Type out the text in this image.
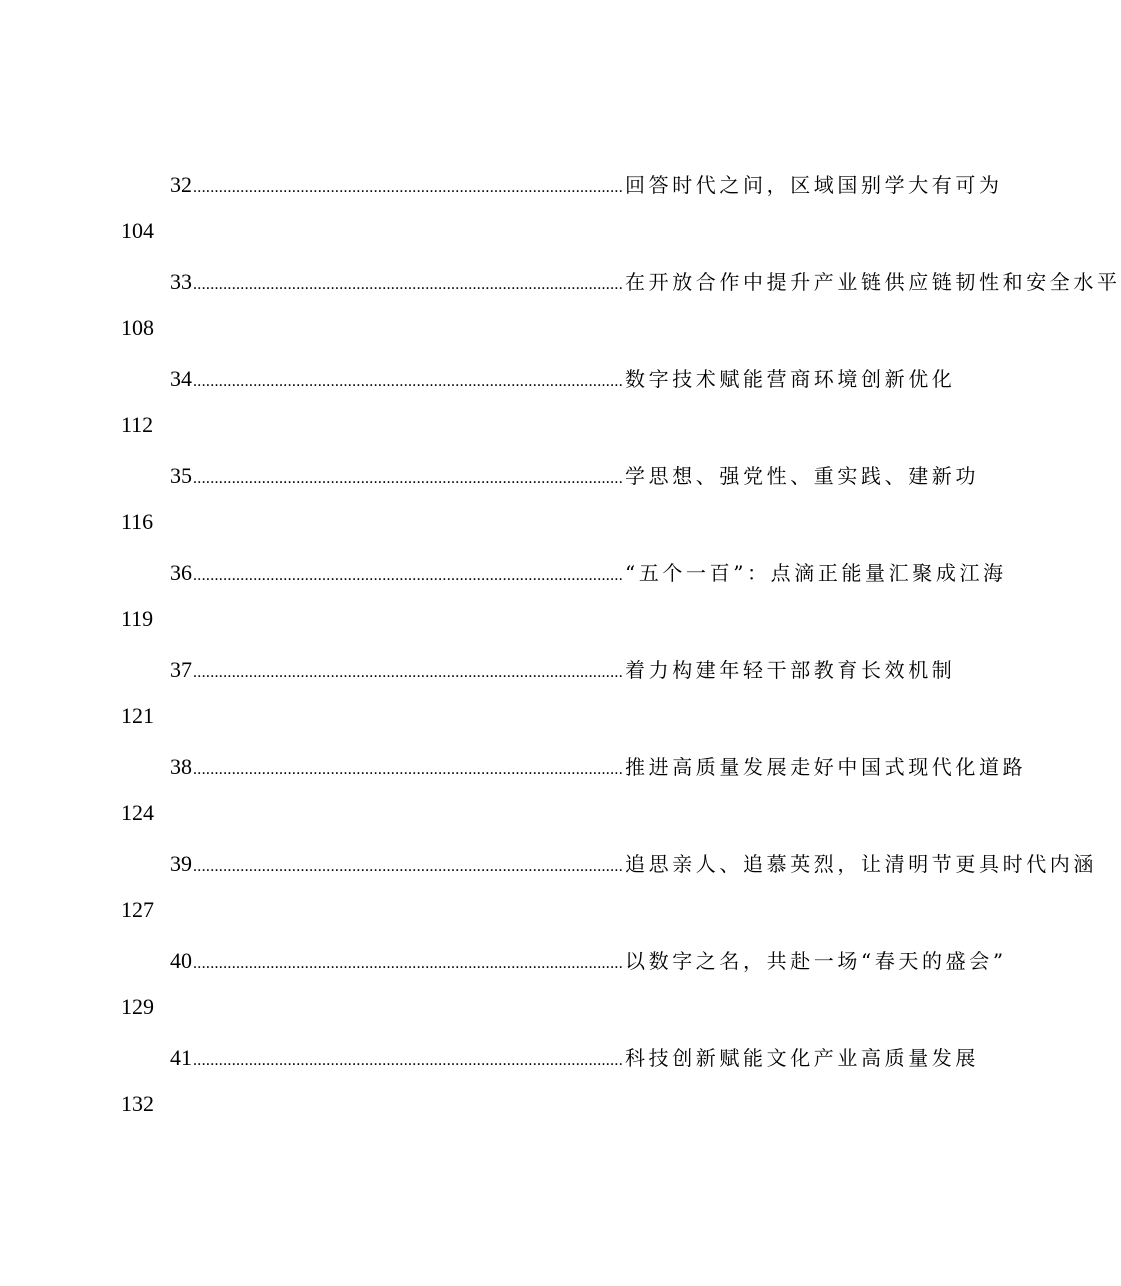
32 .................................................................................................... 回答时代之问，区域国别学大有可为
104
33 .................................................................................................... 在开放合作中提升产业链供应链韧性和安全水平
108
34 .................................................................................................... 数字技术赋能营商环境创新优化
112
35 .................................................................................................... 学思想、强党性、重实践、建新功
116
36 .................................................................................................... “五个一百”：点滴正能量汇聚成江海
119
37 .................................................................................................... 着力构建年轻干部教育长效机制
121
38 .................................................................................................... 推进高质量发展走好中国式现代化道路
124
39 .................................................................................................... 追思亲人、追慕英烈，让清明节更具时代内涵
127
40 .................................................................................................... 以数字之名，共赴一场“春天的盛会”
129
41 .................................................................................................... 科技创新赋能文化产业高质量发展
132
